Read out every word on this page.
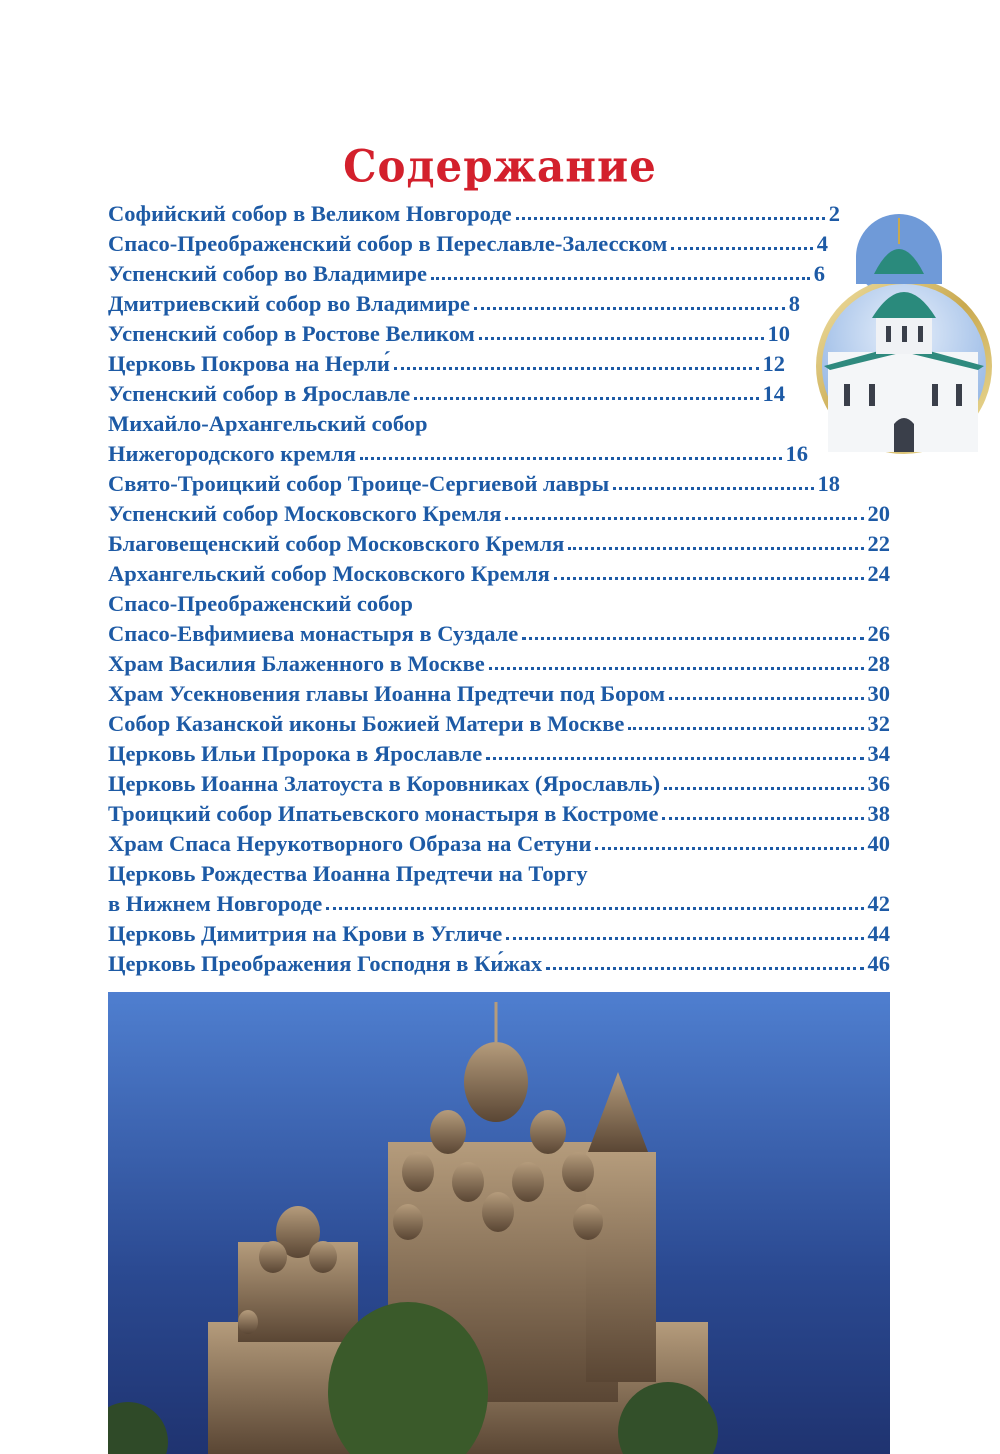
Содержание
Софийский собор в Великом Новгороде	2
Спасо-Преображенский собор в Переславле-Залесском	4
Успенский собор во Владимире	6
Дмитриевский собор во Владимире	8
Успенский собор в Ростове Великом	10
Церковь Покрова на Нерли́	12
Успенский собор в Ярославле	14
Михайло-Архангельский собор
Нижегородского кремля	16
Свято-Троицкий собор Троице-Сергиевой лавры	18
Успенский собор Московского Кремля	20
Благовещенский собор Московского Кремля	22
Архангельский собор Московского Кремля	24
Спасо-Преображенский собор
Спасо-Евфимиева монастыря в Суздале	26
Храм Василия Блаженного в Москве	28
Храм Усекновения главы Иоанна Предтечи под Бором	30
Собор Казанской иконы Божией Матери в Москве	32
Церковь Ильи Пророка в Ярославле	34
Церковь Иоанна Златоуста в Коровниках (Ярославль)	36
Троицкий собор Ипатьевского монастыря в Костроме	38
Храм Спаса Нерукотворного Образа на Сетуни	40
Церковь Рождества Иоанна Предтечи на Торгу
в Нижнем Новгороде	42
Церковь Димитрия на Крови в Угличе	44
Церковь Преображения Господня в Ки́жах	46
